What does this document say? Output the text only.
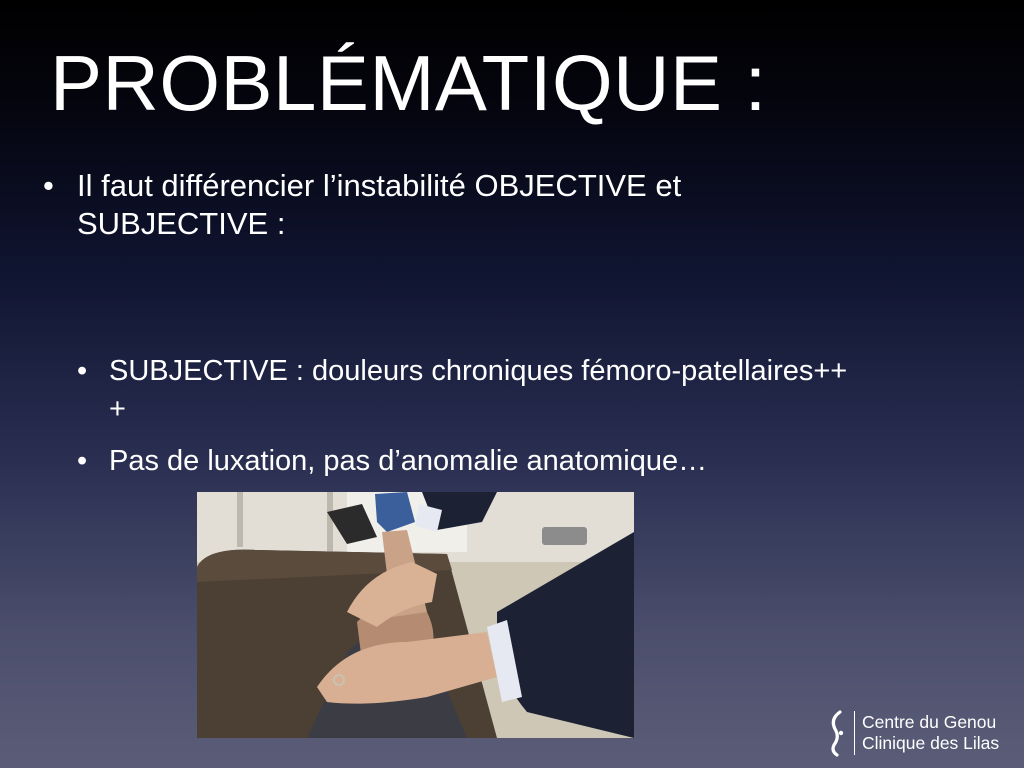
PROBLÉMATIQUE :
• Il faut différencier l’instabilité OBJECTIVE et
SUBJECTIVE :
• SUBJECTIVE : douleurs chroniques fémoro-patellaires++
+
• Pas de luxation, pas d’anomalie anatomique…
Centre du Genou
Clinique des Lilas
